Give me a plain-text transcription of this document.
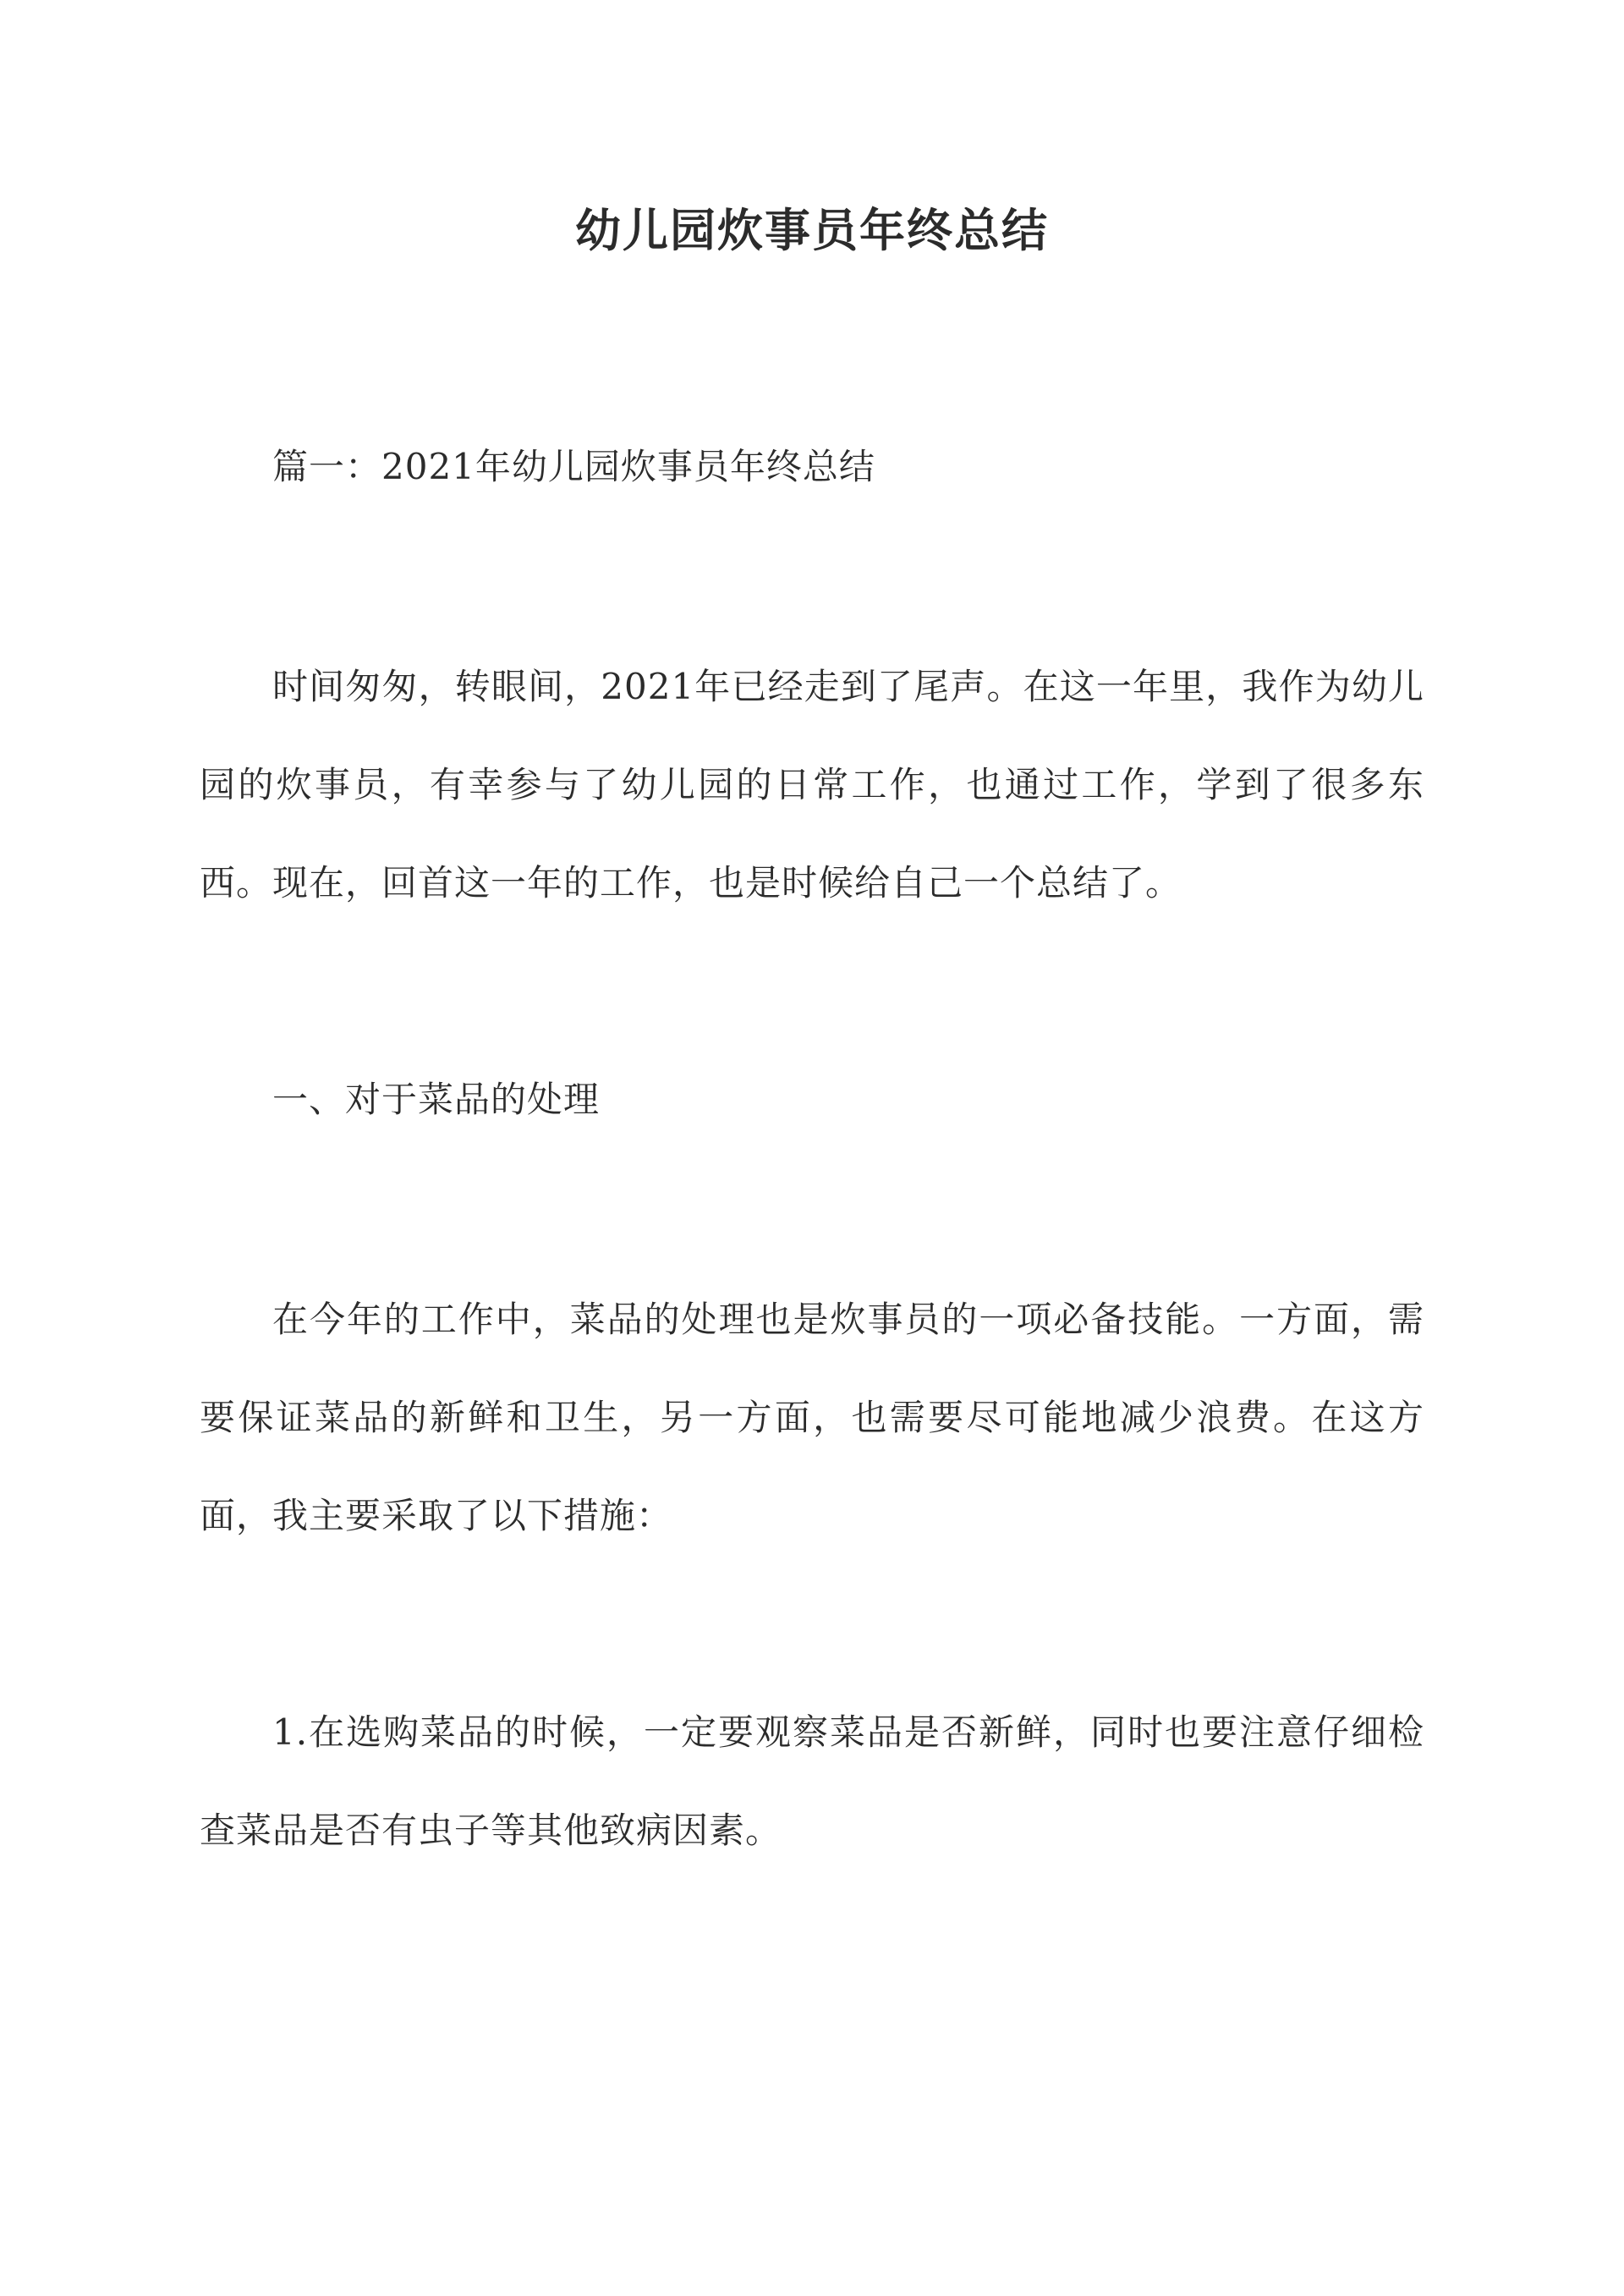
幼儿园炊事员年终总结

篇一：2021年幼儿园炊事员年终总结

时间匆匆，转眼间，2021年已经走到了尾声。在这一年里，我作为幼儿园的炊事员，有幸参与了幼儿园的日常工作，也通过工作，学到了很多东西。现在，回首这一年的工作，也是时候给自己一个总结了。

一、对于菜品的处理

在今年的工作中，菜品的处理也是炊事员的一项必备技能。一方面，需要保证菜品的新鲜和卫生，另一方面，也需要尽可能地减少浪费。在这方面，我主要采取了以下措施：

1.在选购菜品的时候，一定要观察菜品是否新鲜，同时也要注意仔细检查菜品是否有虫子等其他致病因素。
